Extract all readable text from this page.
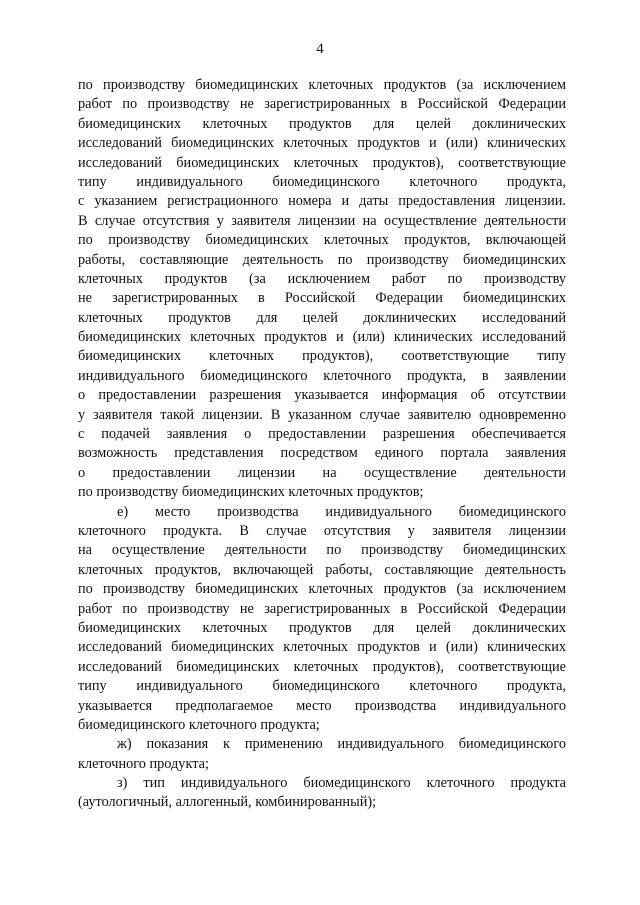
4
по производству биомедицинских клеточных продуктов (за исключением
работ по производству не зарегистрированных в Российской Федерации
биомедицинских клеточных продуктов для целей доклинических
исследований биомедицинских клеточных продуктов и (или) клинических
исследований биомедицинских клеточных продуктов), соответствующие
типу индивидуального биомедицинского клеточного продукта,
с указанием регистрационного номера и даты предоставления лицензии.
В случае отсутствия у заявителя лицензии на осуществление деятельности
по производству биомедицинских клеточных продуктов, включающей
работы, составляющие деятельность по производству биомедицинских
клеточных продуктов (за исключением работ по производству
не зарегистрированных в Российской Федерации биомедицинских
клеточных продуктов для целей доклинических исследований
биомедицинских клеточных продуктов и (или) клинических исследований
биомедицинских клеточных продуктов), соответствующие типу
индивидуального биомедицинского клеточного продукта, в заявлении
о предоставлении разрешения указывается информация об отсутствии
у заявителя такой лицензии. В указанном случае заявителю одновременно
с подачей заявления о предоставлении разрешения обеспечивается
возможность представления посредством единого портала заявления
о предоставлении лицензии на осуществление деятельности
по производству биомедицинских клеточных продуктов;
е) место производства индивидуального биомедицинского
клеточного продукта. В случае отсутствия у заявителя лицензии
на осуществление деятельности по производству биомедицинских
клеточных продуктов, включающей работы, составляющие деятельность
по производству биомедицинских клеточных продуктов (за исключением
работ по производству не зарегистрированных в Российской Федерации
биомедицинских клеточных продуктов для целей доклинических
исследований биомедицинских клеточных продуктов и (или) клинических
исследований биомедицинских клеточных продуктов), соответствующие
типу индивидуального биомедицинского клеточного продукта,
указывается предполагаемое место производства индивидуального
биомедицинского клеточного продукта;
ж) показания к применению индивидуального биомедицинского
клеточного продукта;
з) тип индивидуального биомедицинского клеточного продукта
(аутологичный, аллогенный, комбинированный);
